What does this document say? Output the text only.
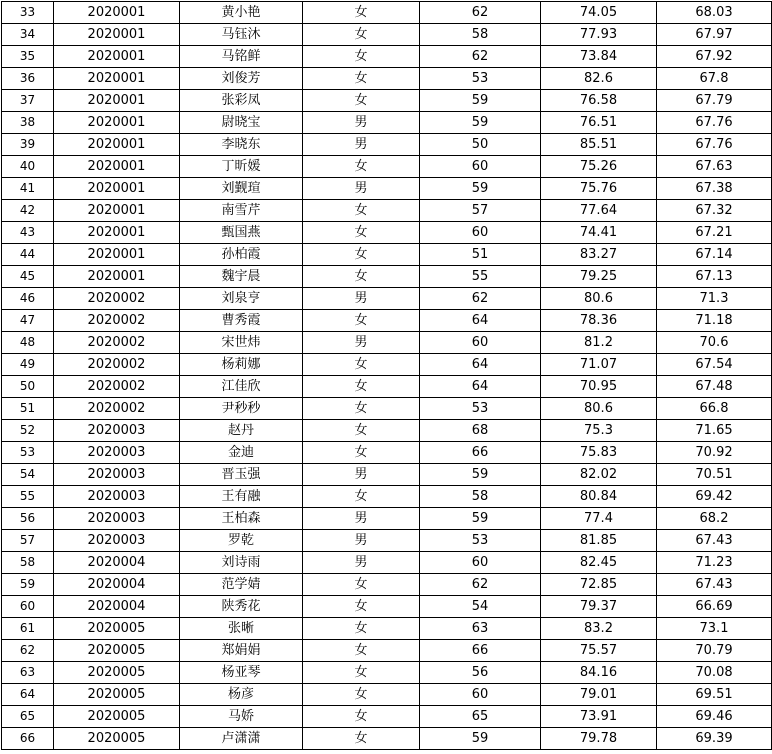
33	2020001	黄小艳	女	62	74.05	68.03
34	2020001	马钰沐	女	58	77.93	67.97
35	2020001	马铭鲜	女	62	73.84	67.92
36	2020001	刘俊芳	女	53	82.6	67.8
37	2020001	张彩凤	女	59	76.58	67.79
38	2020001	尉晓宝	男	59	76.51	67.76
39	2020001	李晓东	男	50	85.51	67.76
40	2020001	丁昕媛	女	60	75.26	67.63
41	2020001	刘觐瑄	男	59	75.76	67.38
42	2020001	南雪芹	女	57	77.64	67.32
43	2020001	甄国燕	女	60	74.41	67.21
44	2020001	孙柏霞	女	51	83.27	67.14
45	2020001	魏宇晨	女	55	79.25	67.13
46	2020002	刘泉亨	男	62	80.6	71.3
47	2020002	曹秀霞	女	64	78.36	71.18
48	2020002	宋世炜	男	60	81.2	70.6
49	2020002	杨莉娜	女	64	71.07	67.54
50	2020002	江佳欣	女	64	70.95	67.48
51	2020002	尹秒秒	女	53	80.6	66.8
52	2020003	赵丹	女	68	75.3	71.65
53	2020003	金迪	女	66	75.83	70.92
54	2020003	晋玉强	男	59	82.02	70.51
55	2020003	王有融	女	58	80.84	69.42
56	2020003	王柏森	男	59	77.4	68.2
57	2020003	罗乾	男	53	81.85	67.43
58	2020004	刘诗雨	男	60	82.45	71.23
59	2020004	范学婧	女	62	72.85	67.43
60	2020004	陕秀花	女	54	79.37	66.69
61	2020005	张晰	女	63	83.2	73.1
62	2020005	郑娟娟	女	66	75.57	70.79
63	2020005	杨亚琴	女	56	84.16	70.08
64	2020005	杨彦	女	60	79.01	69.51
65	2020005	马娇	女	65	73.91	69.46
66	2020005	卢潇潇	女	59	79.78	69.39
